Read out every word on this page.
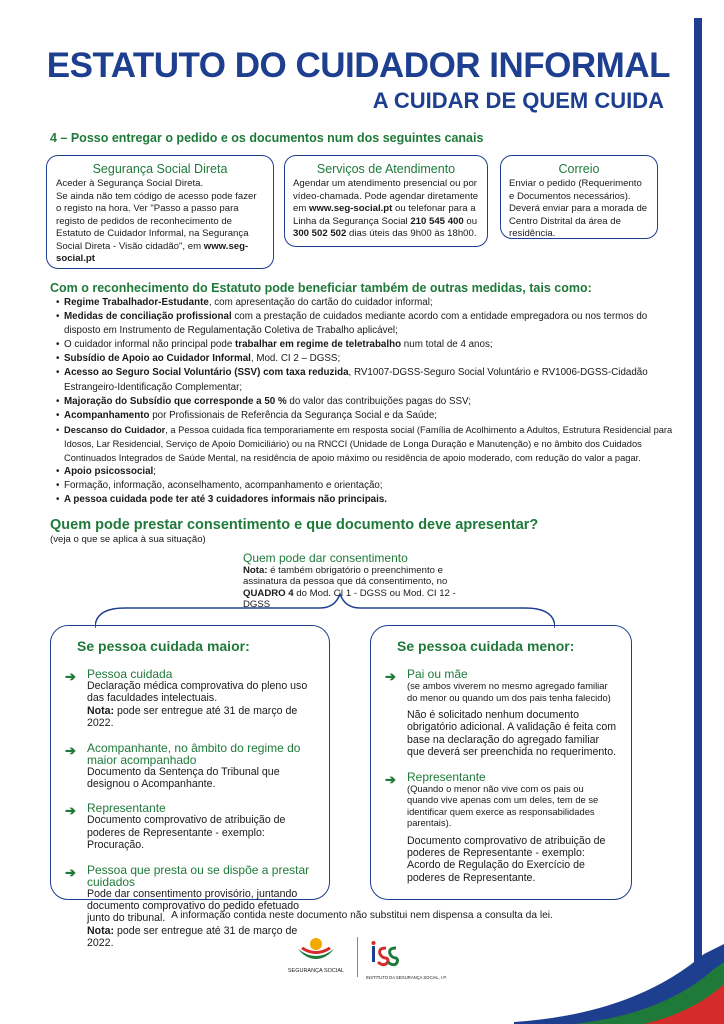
ESTATUTO DO CUIDADOR INFORMAL
A CUIDAR DE QUEM CUIDA
4 – Posso entregar o pedido e os documentos num dos seguintes canais
Segurança Social Direta
Aceder à Segurança Social Direta.
Se ainda não tem código de acesso pode fazer o registo na hora. Ver "Passo a passo para registo de pedidos de reconhecimento de Estatuto de Cuidador Informal, na Segurança Social Direta - Visão cidadão", em www.seg-social.pt
Serviços de Atendimento
Agendar um atendimento presencial ou por vídeo-chamada. Pode agendar diretamente em www.seg-social.pt ou telefonar para a Linha da Segurança Social 210 545 400 ou 300 502 502 dias úteis das 9h00 às 18h00.
Correio
Enviar o pedido (Requerimento e Documentos necessários). Deverá enviar para a morada de Centro Distrital da área de residência.
Com o reconhecimento do Estatuto pode beneficiar também de outras medidas, tais como:
• Regime Trabalhador-Estudante, com apresentação do cartão do cuidador informal;
• Medidas de conciliação profissional com a prestação de cuidados mediante acordo com a entidade empregadora ou nos termos do disposto em Instrumento de Regulamentação Coletiva de Trabalho aplicável;
• O cuidador informal não principal pode trabalhar em regime de teletrabalho num total de 4 anos;
• Subsídio de Apoio ao Cuidador Informal, Mod. CI 2 – DGSS;
• Acesso ao Seguro Social Voluntário (SSV) com taxa reduzida, RV1007-DGSS-Seguro Social Voluntário e RV1006-DGSS-Cidadão Estrangeiro-Identificação Complementar;
• Majoração do Subsídio que corresponde a 50 % do valor das contribuições pagas do SSV;
• Acompanhamento por Profissionais de Referência da Segurança Social e da Saúde;
• Descanso do Cuidador, a Pessoa cuidada fica temporariamente em resposta social (Família de Acolhimento a Adultos, Estrutura Residencial para Idosos, Lar Residencial, Serviço de Apoio Domiciliário) ou na RNCCI (Unidade de Longa Duração e Manutenção) e no âmbito dos Cuidados Continuados Integrados de Saúde Mental, na residência de apoio máximo ou residência de apoio moderado, com redução do valor a pagar.
• Apoio psicossocial;
• Formação, informação, aconselhamento, acompanhamento e orientação;
• A pessoa cuidada pode ter até 3 cuidadores informais não principais.
Quem pode prestar consentimento e que documento deve apresentar?
(veja o que se aplica à sua situação)
Quem pode dar consentimento
Nota: é também obrigatório o preenchimento e assinatura da pessoa que dá consentimento, no QUADRO 4 do Mod. CI 1 - DGSS ou Mod. CI 12 - DGSS
Se pessoa cuidada maior:
➔ Pessoa cuidada
Declaração médica comprovativa do pleno uso das faculdades intelectuais.
Nota: pode ser entregue até 31 de março de 2022.
➔ Acompanhante, no âmbito do regime do maior acompanhado
Documento da Sentença do Tribunal que designou o Acompanhante.
➔ Representante
Documento comprovativo de atribuição de poderes de Representante - exemplo: Procuração.
➔ Pessoa que presta ou se dispõe a prestar cuidados
Pode dar consentimento provisório, juntando documento comprovativo do pedido efetuado junto do tribunal.
Nota: pode ser entregue até 31 de março de 2022.
Se pessoa cuidada menor:
➔ Pai ou mãe
(se ambos viverem no mesmo agregado familiar do menor ou quando um dos pais tenha falecido)
Não é solicitado nenhum documento obrigatório adicional. A validação é feita com base na declaração do agregado familiar que deverá ser preenchida no requerimento.
➔ Representante
(Quando o menor não vive com os pais ou quando vive apenas com um deles, tem de se identificar quem exerce as responsabilidades parentais).
Documento comprovativo de atribuição de poderes de Representante - exemplo: Acordo de Regulação do Exercício de poderes de Representante.
A informação contida neste documento não substitui nem dispensa a consulta da lei.
SEGURANÇA SOCIAL
INSTITUTO DA SEGURANÇA SOCIAL, I.P.
